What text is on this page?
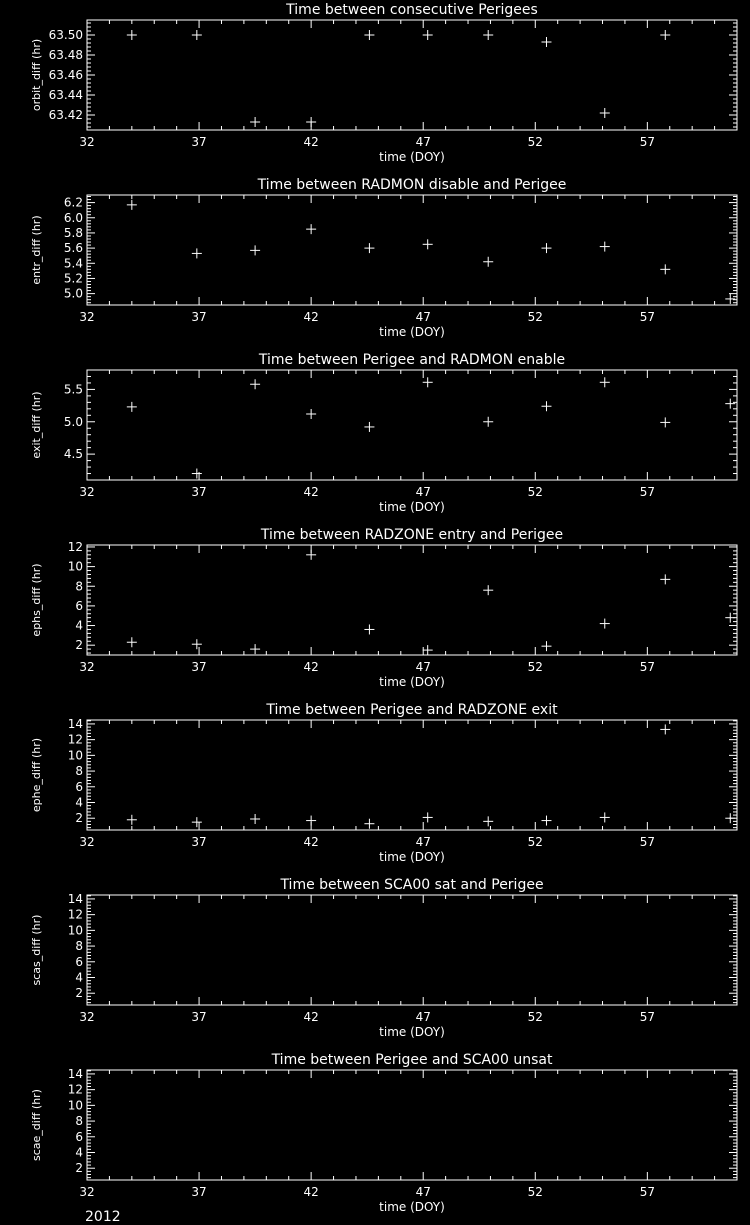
Time between consecutive Perigees
32	37	42	47	52	57
time (DOY)
63.42
63.44
63.46
63.48
63.50
orbit_diff (hr)
Time between RADMON disable and Perigee
32	37	42	47	52	57
time (DOY)
5.0
5.2
5.4
5.6
5.8
6.0
6.2
entr_diff (hr)
Time between Perigee and RADMON enable
32	37	42	47	52	57
time (DOY)
4.5
5.0
5.5
exit_diff (hr)
Time between RADZONE entry and Perigee
32	37	42	47	52	57
time (DOY)
2
4
6
8
10
12
ephs_diff (hr)
Time between Perigee and RADZONE exit
32	37	42	47	52	57
time (DOY)
2
4
6
8
10
12
14
ephe_diff (hr)
Time between SCA00 sat and Perigee
32	37	42	47	52	57
time (DOY)
2
4
6
8
10
12
14
scas_diff (hr)
Time between Perigee and SCA00 unsat
32	37	42	47	52	57
time (DOY)
2
4
6
8
10
12
14
scae_diff (hr)
2012
